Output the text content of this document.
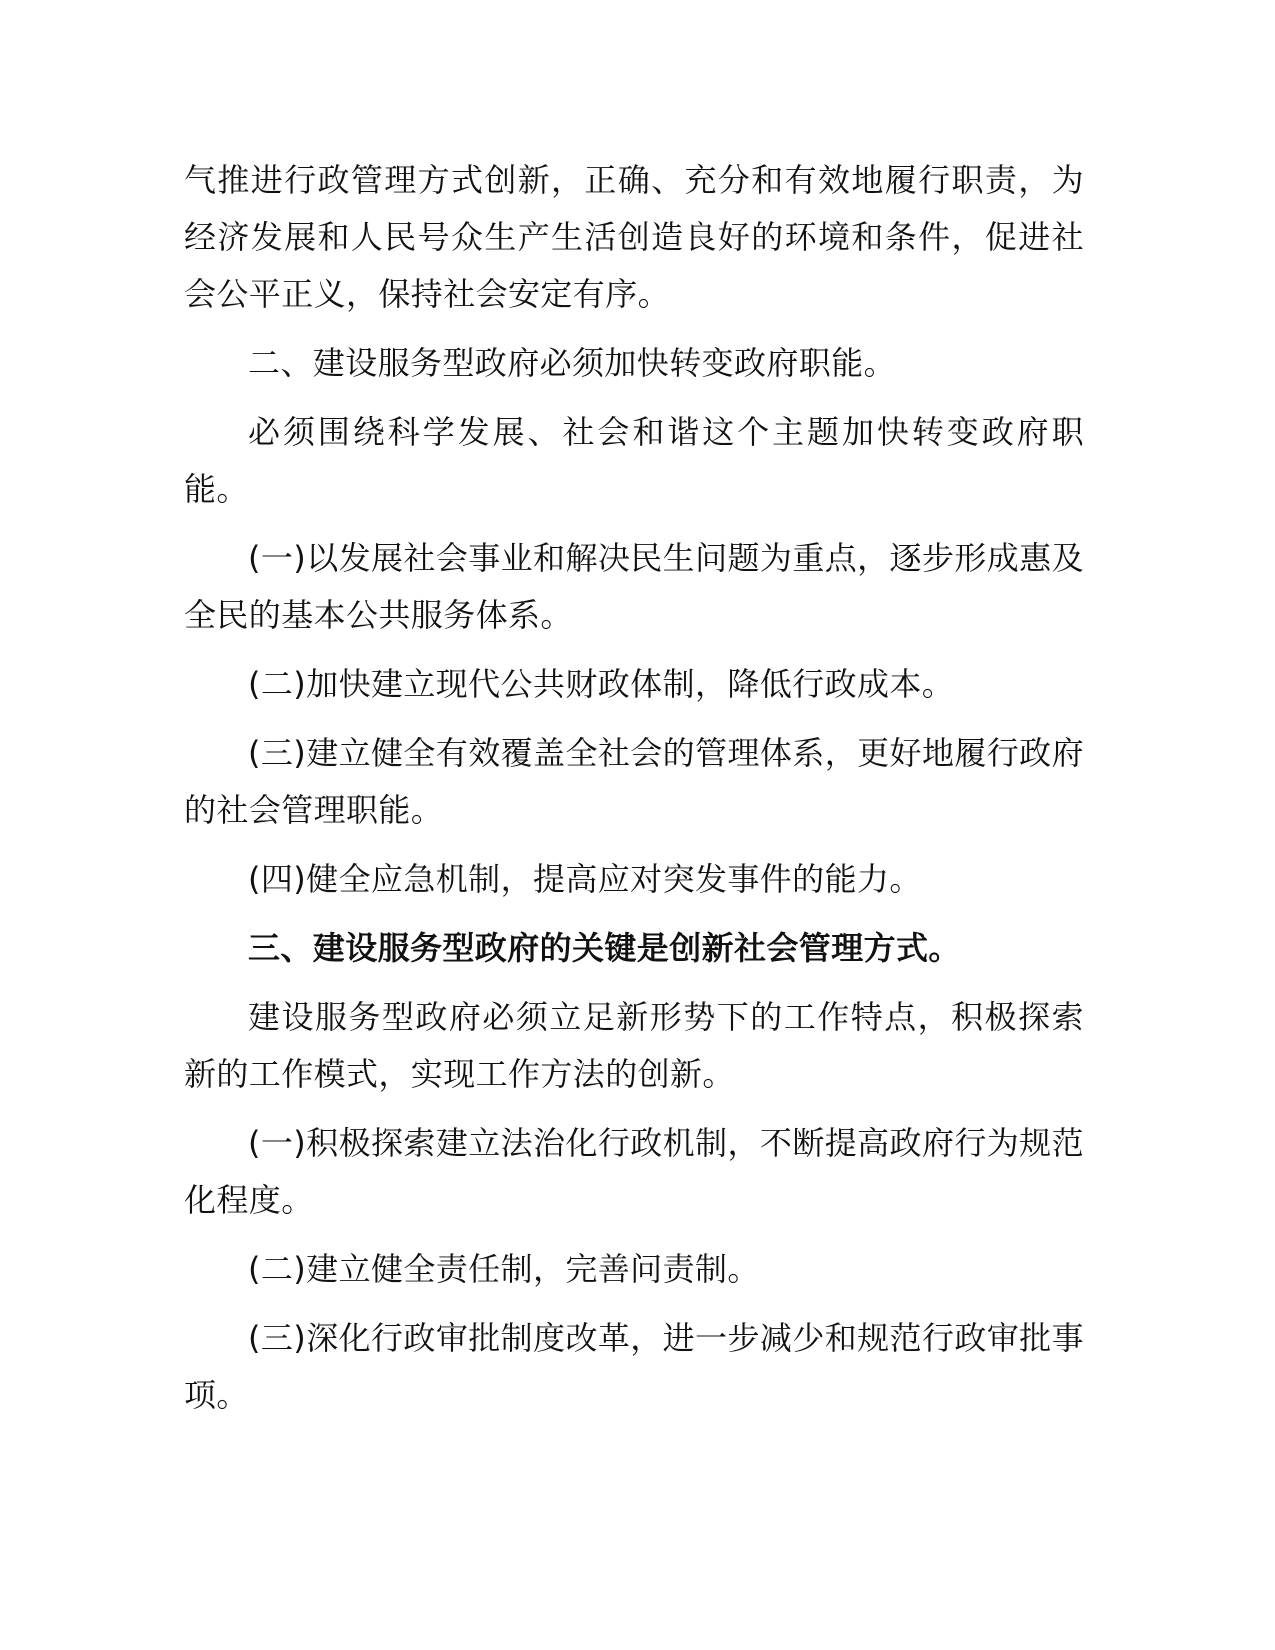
气推进行政管理方式创新，正确、充分和有效地履行职责，为经济发展和人民号众生产生活创造良好的环境和条件，促进社会公平正义，保持社会安定有序。

二、建设服务型政府必须加快转变政府职能。

必须围绕科学发展、社会和谐这个主题加快转变政府职能。

(一)以发展社会事业和解决民生问题为重点，逐步形成惠及全民的基本公共服务体系。

(二)加快建立现代公共财政体制，降低行政成本。

(三)建立健全有效覆盖全社会的管理体系，更好地履行政府的社会管理职能。

(四)健全应急机制，提高应对突发事件的能力。

三、建设服务型政府的关键是创新社会管理方式。

建设服务型政府必须立足新形势下的工作特点，积极探索新的工作模式，实现工作方法的创新。

(一)积极探索建立法治化行政机制，不断提高政府行为规范化程度。

(二)建立健全责任制，完善问责制。

(三)深化行政审批制度改革，进一步减少和规范行政审批事项。
